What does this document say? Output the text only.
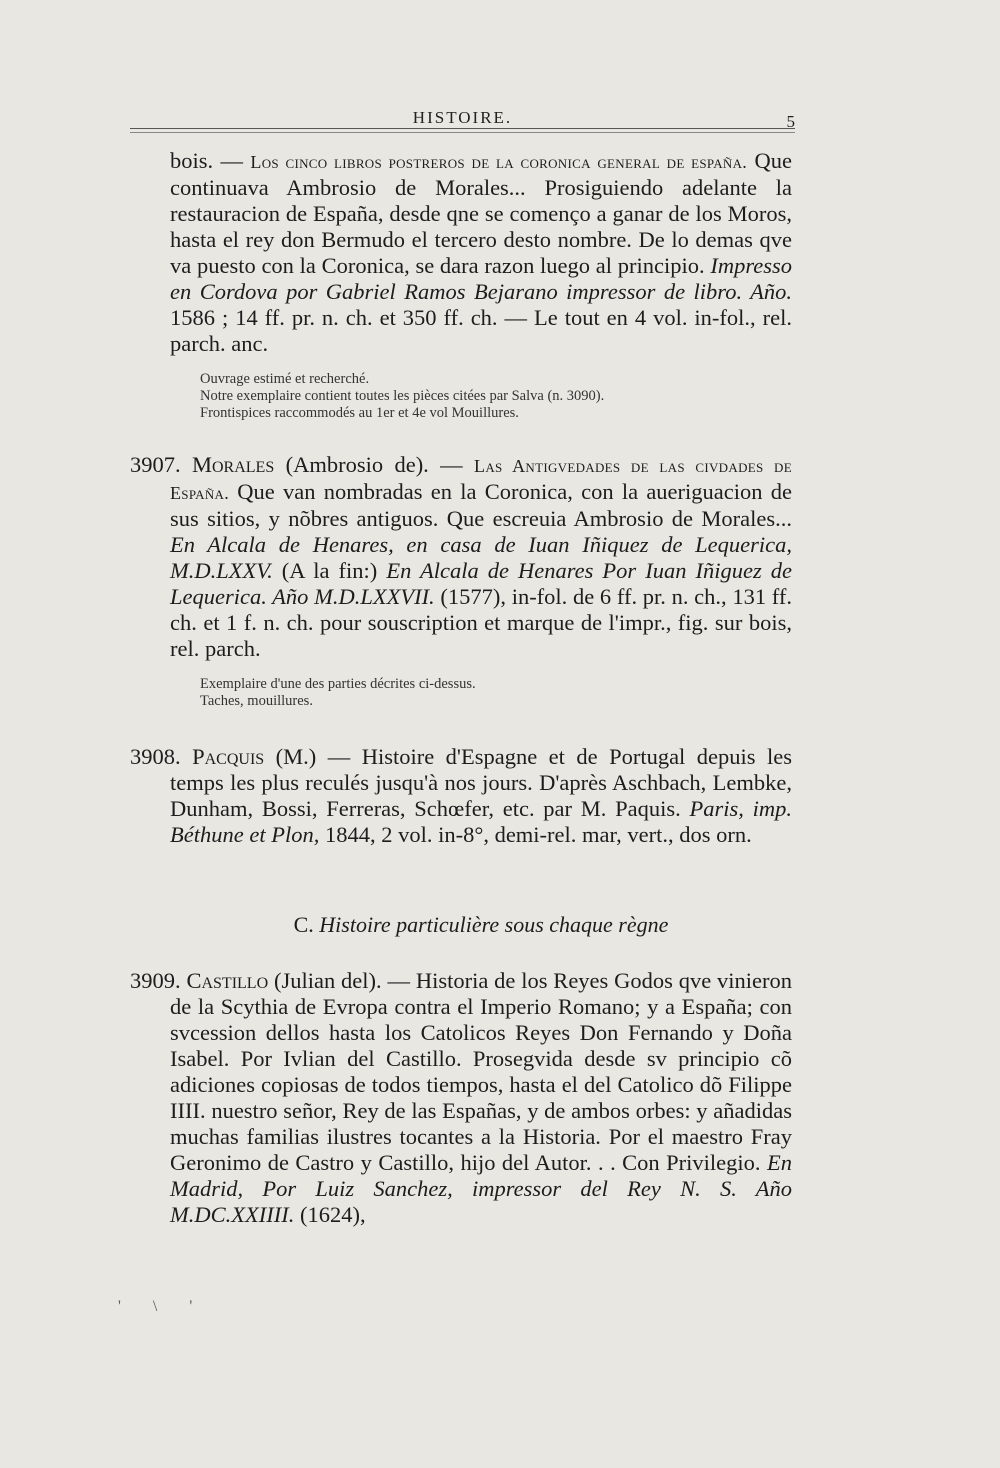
HISTOIRE.	5

bois. — Los cinco libros postreros de la coronica general de españa. Que continuava Ambrosio de Morales... Prosiguiendo adelante la restauracion de España, desde qne se començo a ganar de los Moros, hasta el rey don Bermudo el tercero desto nombre. De lo demas qve va puesto con la Coronica, se dara razon luego al principio. Impresso en Cordova por Gabriel Ramos Bejarano impressor de libro. Año. 1586 ; 14 ff. pr. n. ch. et 350 ff. ch. — Le tout en 4 vol. in-fol., rel. parch. anc.

Ouvrage estimé et recherché.
Notre exemplaire contient toutes les pièces citées par Salva (n. 3090).
Frontispices raccommodés au 1er et 4e vol Mouillures.

3907. Morales (Ambrosio de). — Las Antigvedades de las civdades de España. Que van nombradas en la Coronica, con la aueriguacion de sus sitios, y nõbres antiguos. Que escreuia Ambrosio de Morales... En Alcala de Henares, en casa de Iuan Iñiquez de Lequerica, M.D.LXXV. (A la fin:) En Alcala de Henares Por Iuan Iñiguez de Lequerica. Año M.D.LXXVII. (1577), in-fol. de 6 ff. pr. n. ch., 131 ff. ch. et 1 f. n. ch. pour souscription et marque de l'impr., fig. sur bois, rel. parch.

Exemplaire d'une des parties décrites ci-dessus.
Taches, mouillures.

3908. Pacquis (M.) — Histoire d'Espagne et de Portugal depuis les temps les plus reculés jusqu'à nos jours. D'après Aschbach, Lembke, Dunham, Bossi, Ferreras, Schœfer, etc. par M. Paquis. Paris, imp. Béthune et Plon, 1844, 2 vol. in-8°, demi-rel. mar, vert., dos orn.

C. Histoire particulière sous chaque règne

3909. Castillo (Julian del). — Historia de los Reyes Godos qve vinieron de la Scythia de Evropa contra el Imperio Romano; y a España; con svcession dellos hasta los Catolicos Reyes Don Fernando y Doña Isabel. Por Ivlian del Castillo. Prosegvida desde sv principio cõ adiciones copiosas de todos tiempos, hasta el del Catolico dõ Filippe IIII. nuestro señor, Rey de las Españas, y de ambos orbes: y añadidas muchas familias ilustres tocantes a la Historia. Por el maestro Fray Geronimo de Castro y Castillo, hijo del Autor. . . Con Privilegio. En Madrid, Por Luiz Sanchez, impressor del Rey N. S. Año M.DC.XXIIII. (1624),

' \ '
